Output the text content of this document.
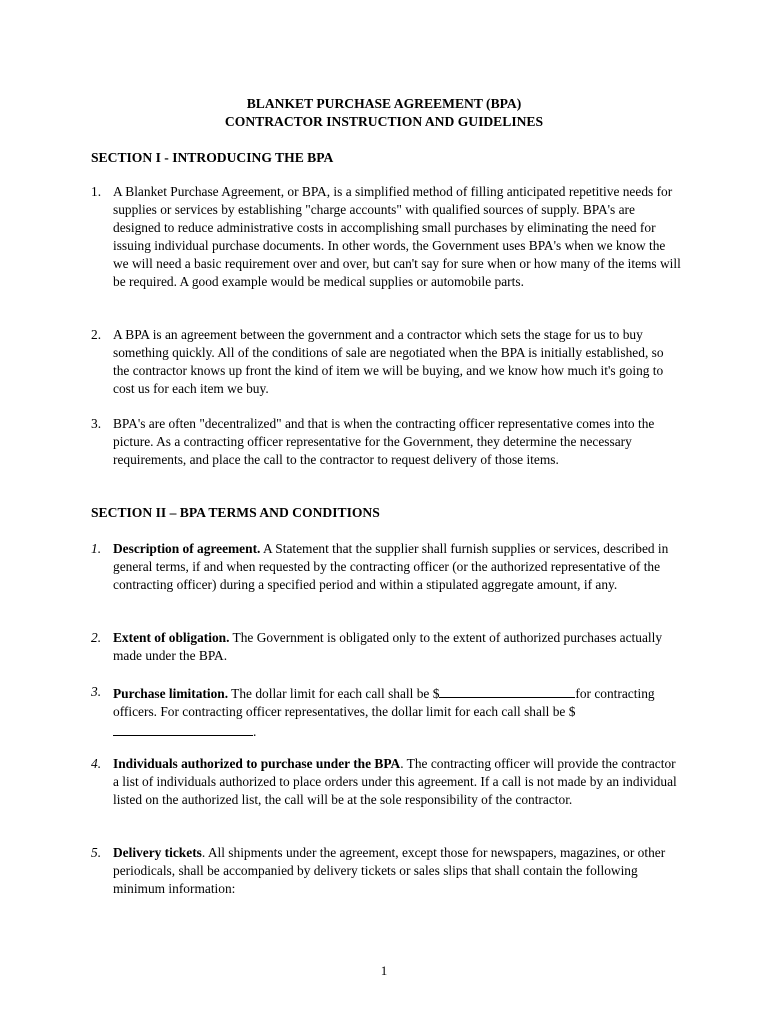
BLANKET PURCHASE AGREEMENT (BPA)
CONTRACTOR INSTRUCTION AND GUIDELINES
SECTION I - INTRODUCING THE BPA
1. A Blanket Purchase Agreement, or BPA, is a simplified method of filling anticipated repetitive needs for supplies or services by establishing "charge accounts" with qualified sources of supply. BPA's are designed to reduce administrative costs in accomplishing small purchases by eliminating the need for issuing individual purchase documents. In other words, the Government uses BPA's when we know the we will need a basic requirement over and over, but can't say for sure when or how many of the items will be required. A good example would be medical supplies or automobile parts.
2. A BPA is an agreement between the government and a contractor which sets the stage for us to buy something quickly. All of the conditions of sale are negotiated when the BPA is initially established, so the contractor knows up front the kind of item we will be buying, and we know how much it's going to cost us for each item we buy.
3. BPA's are often "decentralized" and that is when the contracting officer representative comes into the picture. As a contracting officer representative for the Government, they determine the necessary requirements, and place the call to the contractor to request delivery of those items.
SECTION II – BPA TERMS AND CONDITIONS
1. Description of agreement. A Statement that the supplier shall furnish supplies or services, described in general terms, if and when requested by the contracting officer (or the authorized representative of the contracting officer) during a specified period and within a stipulated aggregate amount, if any.
2. Extent of obligation. The Government is obligated only to the extent of authorized purchases actually made under the BPA.
3. Purchase limitation. The dollar limit for each call shall be $	for contracting officers. For contracting officer representatives, the dollar limit for each call shall be $.
4. Individuals authorized to purchase under the BPA. The contracting officer will provide the contractor a list of individuals authorized to place orders under this agreement. If a call is not made by an individual listed on the authorized list, the call will be at the sole responsibility of the contractor.
5. Delivery tickets. All shipments under the agreement, except those for newspapers, magazines, or other periodicals, shall be accompanied by delivery tickets or sales slips that shall contain the following minimum information:
1
